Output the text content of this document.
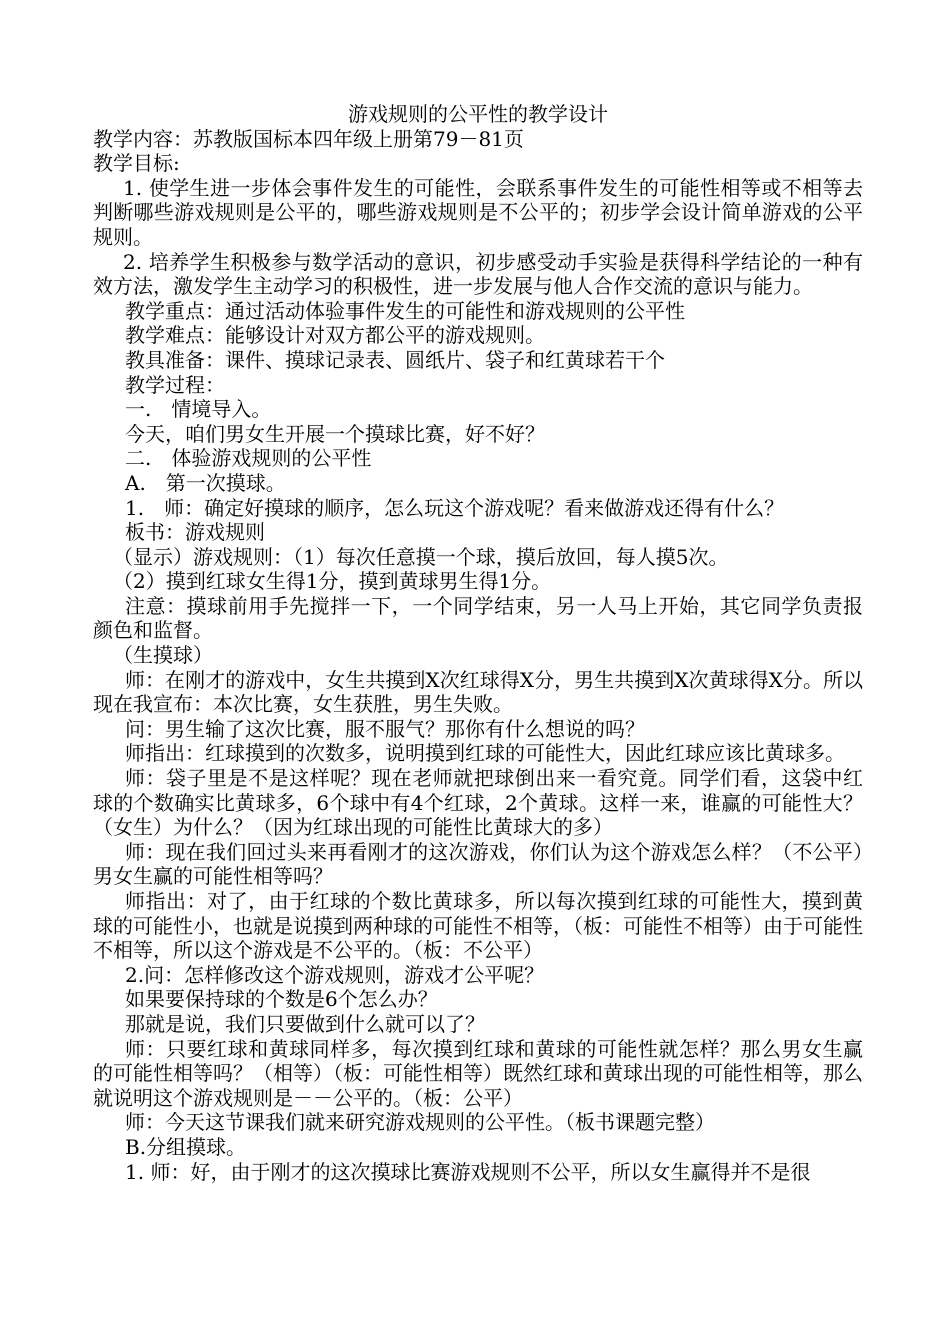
游戏规则的公平性的教学设计

教学内容：苏教版国标本四年级上册第79－81页

教学目标:

1. 使学生进一步体会事件发生的可能性，会联系事件发生的可能性相等或不相等去判断哪些游戏规则是公平的，哪些游戏规则是不公平的；初步学会设计简单游戏的公平规则。

2. 培养学生积极参与数学活动的意识，初步感受动手实验是获得科学结论的一种有效方法，激发学生主动学习的积极性，进一步发展与他人合作交流的意识与能力。

教学重点：通过活动体验事件发生的可能性和游戏规则的公平性

教学难点：能够设计对双方都公平的游戏规则。

教具准备：课件、摸球记录表、圆纸片、袋子和红黄球若干个

教学过程：

一.　情境导入。

今天，咱们男女生开展一个摸球比赛，好不好？

二.　体验游戏规则的公平性

A.　第一次摸球。

1.　师：确定好摸球的顺序，怎么玩这个游戏呢？看来做游戏还得有什么？

板书：游戏规则

（显示）游戏规则：（1）每次任意摸一个球，摸后放回，每人摸5次。

（2）摸到红球女生得1分，摸到黄球男生得1分。

注意：摸球前用手先搅拌一下，一个同学结束，另一人马上开始，其它同学负责报颜色和监督。

（生摸球）

师：在刚才的游戏中，女生共摸到X次红球得X分，男生共摸到X次黄球得X分。所以现在我宣布：本次比赛，女生获胜，男生失败。

问：男生输了这次比赛，服不服气？那你有什么想说的吗？

师指出：红球摸到的次数多，说明摸到红球的可能性大，因此红球应该比黄球多。

师：袋子里是不是这样呢？现在老师就把球倒出来一看究竟。同学们看，这袋中红球的个数确实比黄球多，6个球中有4个红球，2个黄球。这样一来，谁赢的可能性大？（女生）为什么？（因为红球出现的可能性比黄球大的多）

师：现在我们回过头来再看刚才的这次游戏，你们认为这个游戏怎么样？（不公平）男女生赢的可能性相等吗？

师指出：对了，由于红球的个数比黄球多，所以每次摸到红球的可能性大，摸到黄球的可能性小，也就是说摸到两种球的可能性不相等，（板：可能性不相等）由于可能性不相等，所以这个游戏是不公平的。（板：不公平）

2.问：怎样修改这个游戏规则，游戏才公平呢？

如果要保持球的个数是6个怎么办？

那就是说，我们只要做到什么就可以了？

师：只要红球和黄球同样多，每次摸到红球和黄球的可能性就怎样？那么男女生赢的可能性相等吗？（相等）（板：可能性相等）既然红球和黄球出现的可能性相等，那么就说明这个游戏规则是－－公平的。（板：公平）

师：今天这节课我们就来研究游戏规则的公平性。（板书课题完整）

B.分组摸球。

1. 师：好，由于刚才的这次摸球比赛游戏规则不公平，所以女生赢得并不是很
